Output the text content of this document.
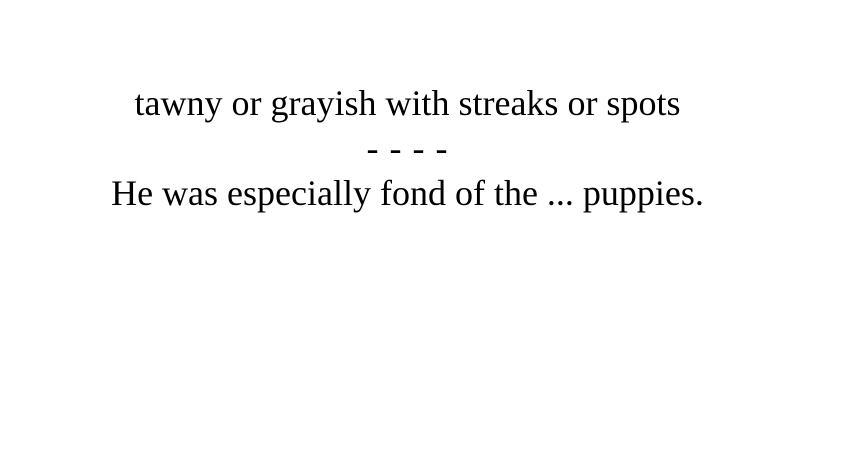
tawny or grayish with streaks or spots
- - - -
He was especially fond of the ... puppies.
